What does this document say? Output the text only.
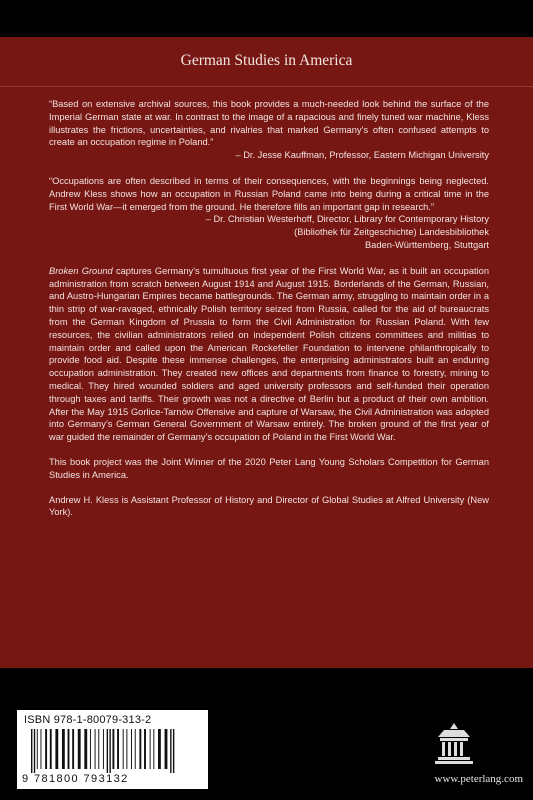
German Studies in America

“Based on extensive archival sources, this book provides a much-needed look behind the surface of the Imperial German state at war. In contrast to the image of a rapacious and finely tuned war machine, Kless illustrates the frictions, uncertainties, and rivalries that marked Germany’s often confused attempts to create an occupation regime in Poland.”

– Dr. Jesse Kauffman, Professor, Eastern Michigan University

“Occupations are often described in terms of their consequences, with the beginnings being neglected. Andrew Kless shows how an occupation in Russian Poland came into being during a critical time in the First World War—it emerged from the ground. He therefore fills an important gap in research.”

– Dr. Christian Westerhoff, Director, Library for Contemporary History

(Bibliothek für Zeitgeschichte) Landesbibliothek

Baden-Württemberg, Stuttgart

Broken Ground captures Germany’s tumultuous first year of the First World War, as it built an occupation administration from scratch between August 1914 and August 1915. Borderlands of the German, Russian, and Austro-Hungarian Empires became battlegrounds. The German army, struggling to maintain order in a thin strip of war-ravaged, ethnically Polish territory seized from Russia, called for the aid of bureaucrats from the German Kingdom of Prussia to form the Civil Administration for Russian Poland. With few resources, the civilian administrators relied on independent Polish citizens committees and militias to maintain order and called upon the American Rockefeller Foundation to intervene philanthropically to provide food aid. Despite these immense challenges, the enterprising administrators built an enduring occupation administration. They created new offices and departments from finance to forestry, mining to medical. They hired wounded soldiers and aged university professors and self-funded their operation through taxes and tariffs. Their growth was not a directive of Berlin but a product of their own ambition. After the May 1915 Gorlice-Tarnów Offensive and capture of Warsaw, the Civil Administration was adopted into Germany’s German General Government of Warsaw entirely. The broken ground of the first year of war guided the remainder of Germany’s occupation of Poland in the First World War.

This book project was the Joint Winner of the 2020 Peter Lang Young Scholars Competition for German Studies in America.

Andrew H. Kless is Assistant Professor of History and Director of Global Studies at Alfred University (New York).

ISBN 978-1-80079-313-2
9 781800 793132	www.peterlang.com
